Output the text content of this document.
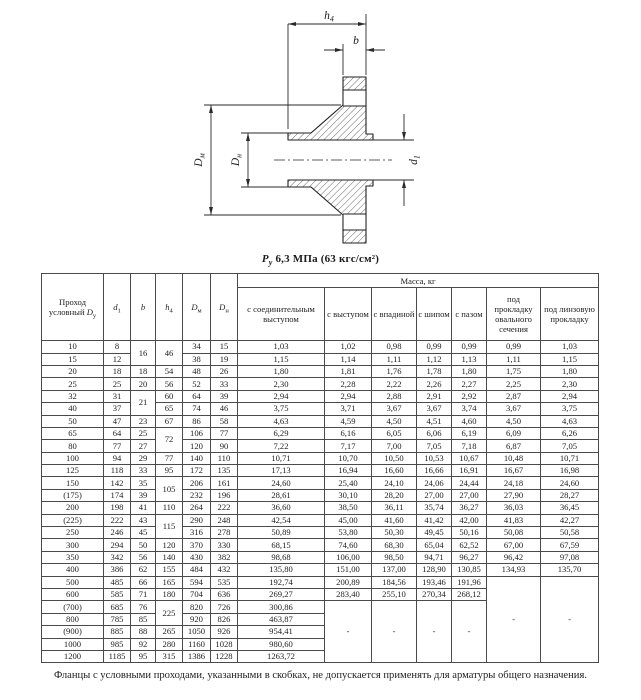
$h_4$
b
$D_м$
$D_н$
$d_1$
$P_у$ 6,3 МПа (63 кгс/см²)
Проход условный $D_у$	$d_1$	b	$h_4$	$D_м$	$D_н$	Масса, кг						
						с соединительным выступом	с выступом	с впадиной	с шипом	с пазом	под прокладку овального сечения	под линзовую прокладку
10	8	16	46	34	15	1,03	1,02	0,98	0,99	0,99	0,99	1,03
15	12			38	19	1,15	1,14	1,11	1,12	1,13	1,11	1,15
20	18	18	54	48	26	1,80	1,81	1,76	1,78	1,80	1,75	1,80
25	25	20	56	52	33	2,30	2,28	2,22	2,26	2,27	2,25	2,30
32	31	21	60	64	39	2,94	2,94	2,88	2,91	2,92	2,87	2,94
40	37		65	74	46	3,75	3,71	3,67	3,67	3,74	3,67	3,75
50	47	23	67	86	58	4,63	4,59	4,50	4,51	4,60	4,50	4,63
65	64	25	72	106	77	6,29	6,16	6,05	6,06	6,19	6,09	6,26
80	77	27		120	90	7,22	7,17	7,00	7,05	7,18	6,87	7,05
100	94	29	77	140	110	10,71	10,70	10,50	10,53	10,67	10,48	10,71
125	118	33	95	172	135	17,13	16,94	16,60	16,66	16,91	16,67	16,98
150	142	35	105	206	161	24,60	25,40	24,10	24,06	24,44	24,18	24,60
(175)	174	39		232	196	28,61	30,10	28,20	27,00	27,00	27,90	28,27
200	198	41	110	264	222	36,60	38,50	36,11	35,74	36,27	36,03	36,45
(225)	222	43	115	290	248	42,54	45,00	41,60	41,42	42,00	41,83	42,27
250	246	45		316	278	50,89	53,80	50,30	49,45	50,16	50,08	50,58
300	294	50	120	370	330	68,15	74,60	68,30	65,04	62,52	67,00	67,59
350	342	56	140	430	382	98,68	106,00	98,50	94,71	96,27	96,42	97,08
400	386	62	155	484	432	135,80	151,00	137,00	128,90	130,85	134,93	135,70
500	485	66	165	594	535	192,74	200,89	184,56	193,46	191,96	-	-
600	585	71	180	704	636	269,27	283,40	255,10	270,34	268,12		
(700)	685	76	225	820	726	300,86	-	-	-	-		
800	785	85		920	826	463,87						
(900)	885	88	265	1050	926	954,41						
1000	985	92	280	1160	1028	980,60						
1200	1185	95	315	1386	1228	1263,72						
Фланцы с условными проходами, указанными в скобках, не допускается применять для арматуры общего назначения.
